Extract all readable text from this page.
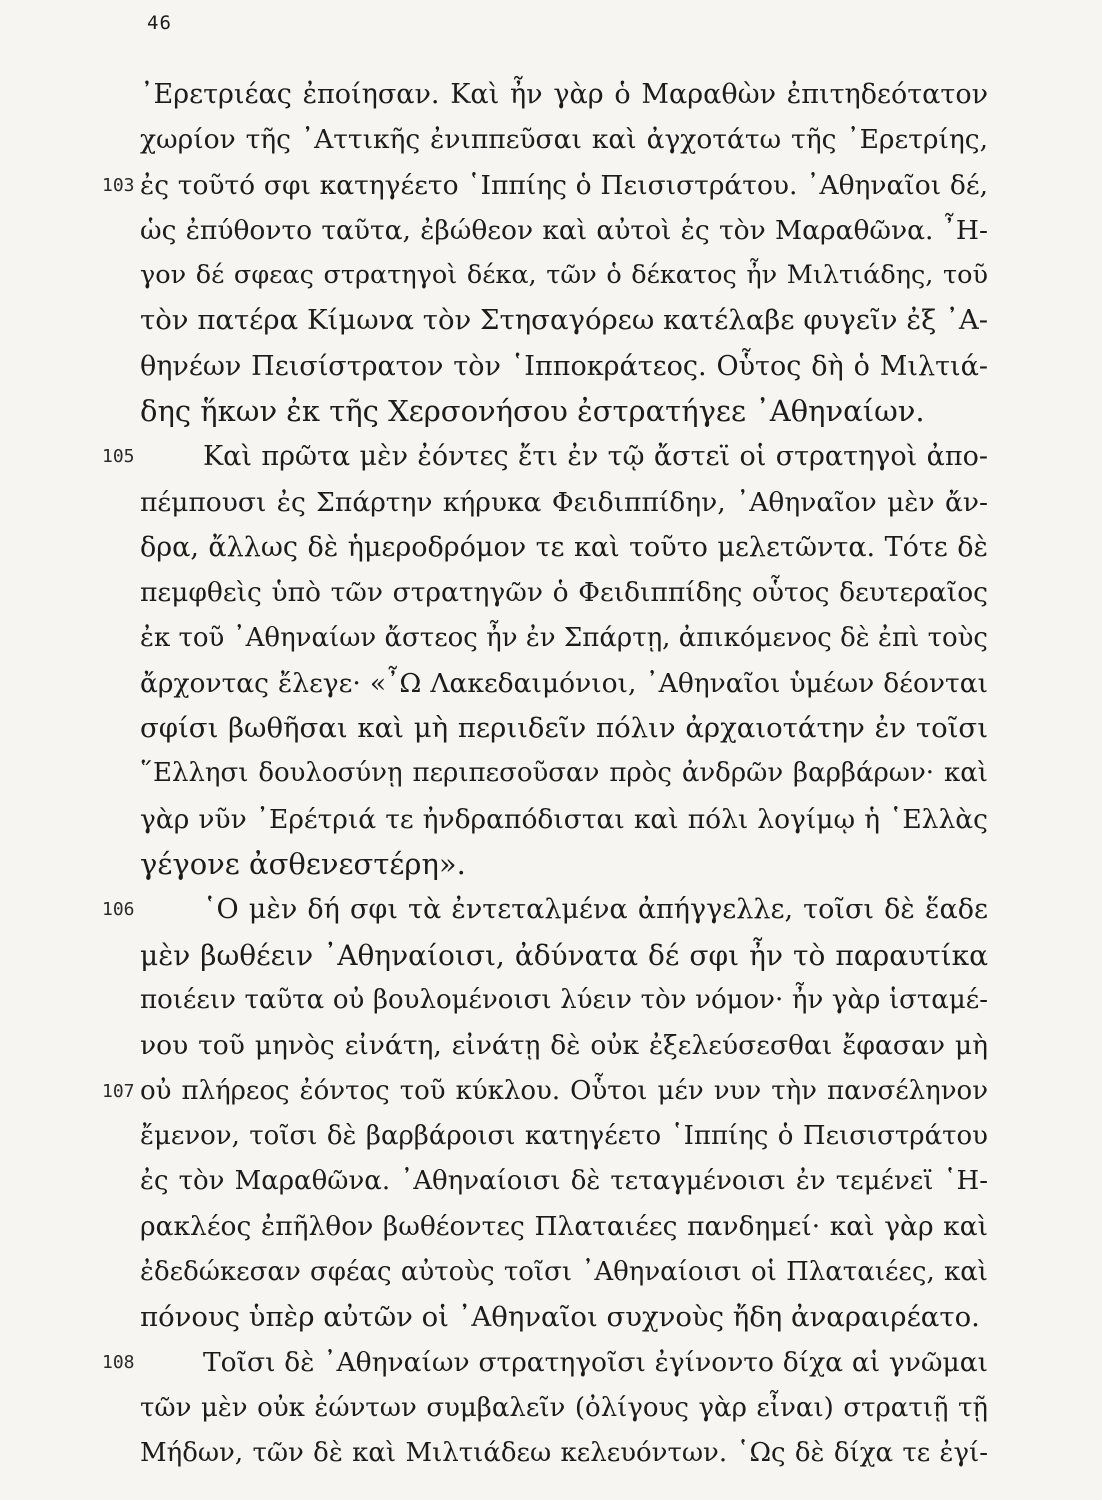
46
᾿Ερετριέας ἐποίησαν. Καὶ ἦν γὰρ ὁ Μαραθὼν ἐπιτηδεότατον
χωρίον τῆς ᾿Αττικῆς ἐνιππεῦσαι καὶ ἀγχοτάτω τῆς ᾿Ερετρίης,
103 ἐς τοῦτό σφι κατηγέετο ῾Ιππίης ὁ Πεισιστράτου. ᾿Αθηναῖοι δέ,
ὡς ἐπύθοντο ταῦτα, ἐβώθεον καὶ αὐτοὶ ἐς τὸν Μαραθῶνα. ῏Η-
γον δέ σφεας στρατηγοὶ δέκα, τῶν ὁ δέκατος ἦν Μιλτιάδης, τοῦ
τὸν πατέρα Κίμωνα τὸν Στησαγόρεω κατέλαβε φυγεῖν ἐξ ᾿Α-
θηνέων Πεισίστρατον τὸν ῾Ιπποκράτεος. Οὗτος δὴ ὁ Μιλτιά-
δης ἥκων ἐκ τῆς Χερσονήσου ἐστρατήγεε ᾿Αθηναίων.
105	Καὶ πρῶτα μὲν ἐόντες ἔτι ἐν τῷ ἄστεϊ οἱ στρατηγοὶ ἀπο-
πέμπουσι ἐς Σπάρτην κήρυκα Φειδιππίδην, ᾿Αθηναῖον μὲν ἄν-
δρα, ἄλλως δὲ ἡμεροδρόμον τε καὶ τοῦτο μελετῶντα. Τότε δὲ
πεμφθεὶς ὑπὸ τῶν στρατηγῶν ὁ Φειδιππίδης οὗτος δευτεραῖος
ἐκ τοῦ ᾿Αθηναίων ἄστεος ἦν ἐν Σπάρτῃ, ἀπικόμενος δὲ ἐπὶ τοὺς
ἄρχοντας ἔλεγε· «῏Ω Λακεδαιμόνιοι, ᾿Αθηναῖοι ὑμέων δέονται
σφίσι βωθῆσαι καὶ μὴ περιιδεῖν πόλιν ἀρχαιοτάτην ἐν τοῖσι
῞Ελλησι δουλοσύνῃ περιπεσοῦσαν πρὸς ἀνδρῶν βαρβάρων· καὶ
γὰρ νῦν ᾿Ερέτριά τε ἠνδραπόδισται καὶ πόλι λογίμῳ ἡ ῾Ελλὰς
γέγονε ἀσθενεστέρη».
106	῾Ο μὲν δή σφι τὰ ἐντεταλμένα ἀπήγγελλε, τοῖσι δὲ ἕαδε
μὲν βωθέειν ᾿Αθηναίοισι, ἀδύνατα δέ σφι ἦν τὸ παραυτίκα
ποιέειν ταῦτα οὐ βουλομένοισι λύειν τὸν νόμον· ἦν γὰρ ἱσταμέ-
νου τοῦ μηνὸς εἰνάτη, εἰνάτῃ δὲ οὐκ ἐξελεύσεσθαι ἔφασαν μὴ
107 οὐ πλήρεος ἐόντος τοῦ κύκλου. Οὗτοι μέν νυν τὴν πανσέληνον
ἔμενον, τοῖσι δὲ βαρβάροισι κατηγέετο ῾Ιππίης ὁ Πεισιστράτου
ἐς τὸν Μαραθῶνα. ᾿Αθηναίοισι δὲ τεταγμένοισι ἐν τεμένεϊ ῾Η-
ρακλέος ἐπῆλθον βωθέοντες Πλαταιέες πανδημεί· καὶ γὰρ καὶ
ἐδεδώκεσαν σφέας αὐτοὺς τοῖσι ᾿Αθηναίοισι οἱ Πλαταιέες, καὶ
πόνους ὑπὲρ αὐτῶν οἱ ᾿Αθηναῖοι συχνοὺς ἤδη ἀναραιρέατο.
108	Τοῖσι δὲ ᾿Αθηναίων στρατηγοῖσι ἐγίνοντο δίχα αἱ γνῶμαι
τῶν μὲν οὐκ ἐώντων συμβαλεῖν (ὀλίγους γὰρ εἶναι) στρατιῇ τῇ
Μήδων, τῶν δὲ καὶ Μιλτιάδεω κελευόντων. ῾Ως δὲ δίχα τε ἐγί-
